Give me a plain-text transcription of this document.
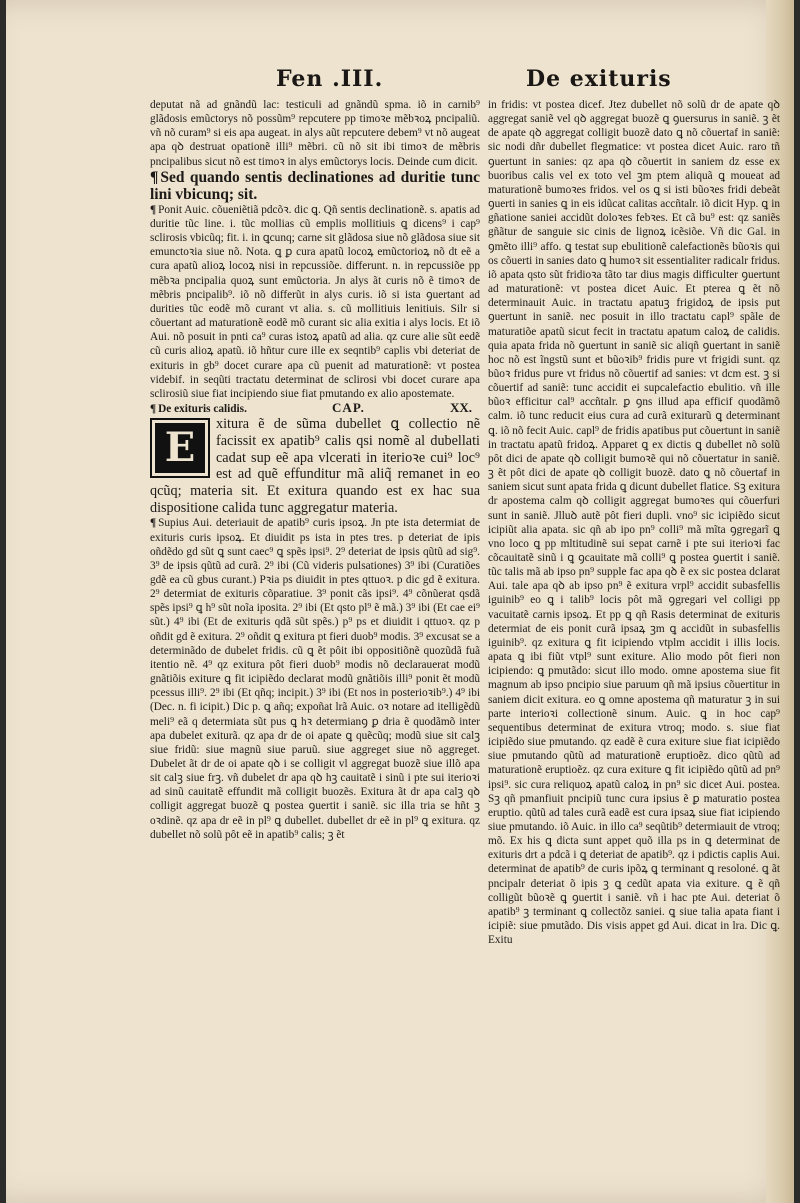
Fen .III.	De exituris

deputat nã ad gnãndũ lac: testiculi ad gnãndũ spma. iõ in carnib⁹ glãdosis emũctorys nõ possũm⁹ repcutere pp timoꝛe mẽbꝛoꝝ pncipaliũ. vñ nõ curam⁹ si eis apa augeat. in alys aũt repcutere debem⁹ vt nõ augeat apa qꝺ destruat opationẽ illi⁹ mẽbri. cũ nõ sit ibi timoꝛ de mẽbris pncipalibus sicut nõ est timoꝛ in alys emũctorys locis. Deinde cum dicit.

¶ Sed quando sentis declinationes ad duritie tunc lini vbicunq; sit.

¶ Ponit Auic. cõueniẽtiã pdcõꝛ. dic ꝗ. Qñ sentis declinationẽ. s. apatis ad duritie tũc line. i. tũc mollias cũ emplis mollitiuis ꝗ dicens⁹ i cap⁹ sclirosis vbicũq; fit. i. in ꝗcunq; carne sit glãdosa siue nõ glãdosa siue sit emunctoꝛia siue nõ. Nota. ꝗ ꝑ cura apatũ locoꝝ emũctorioꝝ nõ dt eẽ a cura apatũ alioꝝ locoꝝ nisi in repcussiõe. differunt. n. in repcussiõe pp mẽbꝛa pncipalia quoꝝ sunt emũctoria. Jn alys ãt curis nõ ẽ timoꝛ de mẽbris pncipalib⁹. iõ nõ differũt in alys curis. iõ si ista ꝯuertant ad durities tũc eodẽ mõ curant vt alia. s. cũ mollitiuis lenitiuis. Silr si cõuertant ad maturationẽ eodẽ mõ curant sic alia exitia i alys locis. Et iõ Aui. nõ posuit in pnti ca⁹ curas istoꝝ apatũ ad alia. qz cure alie sũt eedẽ cũ curis alioꝝ apatũ. iõ hñtur cure ille ex seqntib⁹ caplis vbi deteriat de exituris in gb⁹ docet curare apa cũ puenit ad maturationẽ: vt postea videbif. in seqũti tractatu determinat de sclirosi vbi docet curare apa sclirosiũ siue fiat incipiendo siue fiat pmutando ex alio apostemate.

¶ De exituris calidis.	CAP.	XX.
E	xitura ẽ de sũma dubellet ꝗ collectio nẽ facissit ex apatib⁹ calis qsi nomẽ al dubellati cadat sup eẽ apa vlcerati in iterioꝛe cui⁹ loc⁹ est ad quẽ effunditur mã aliq̃ remanet in eo qcũq; materia sit. Et exitura quando est ex hac sua dispositione calida tunc aggregatur materia.

¶ Supius Aui. deteriauit de apatib⁹ curis ipsoꝝ. Jn pte ista determiat de exituris curis ipsoꝝ. Et diuidit ps ista in ptes tres. p deteriat de ipis oñdẽdo gd sũt ꝗ sunt caec⁹ ꝗ spẽs ipsi⁹. 2⁹ deteriat de ipsis qũtũ ad sig⁹. 3⁹ de ipsis qũtũ ad curã. 2⁹ ibi (Cũ videris pulsationes) 3⁹ ibi (Curatiões gdẽ ea cũ gbus curant.) Pꝛia ps diuidit in ptes qttuoꝛ. p dic gd ẽ exitura. 2⁹ determiat de exituris cõparatiue. 3⁹ ponit cãs ipsi⁹. 4⁹ cõnũerat qsdã spẽs ipsi⁹ ꝗ h⁹ sũt noĩa iposita. 2⁹ ibi (Et qsto pl⁹ ẽ mã.) 3⁹ ibi (Et cae ei⁹ sũt.) 4⁹ ibi (Et de exituris qdã sũt spẽs.) p⁹ ps et diuidit i qttuoꝛ. qz p oñdit gd ẽ exitura. 2⁹ oñdit ꝗ exitura pt fieri duob⁹ modis. 3⁹ excusat se a determinãdo de dubelet fridis. cũ ꝗ ẽt pôit ibi oppositiõnẽ quozũdã fuã itentio nẽ. 4⁹ qz exitura pôt fieri duob⁹ modis nõ declarauerat modũ gnãtiõis exiture ꝗ fit icipiẽdo declarat modũ gnãtiõis illi⁹ ponit ẽt modũ pcessus illi⁹. 2⁹ ibi (Et qñq; incipit.) 3⁹ ibi (Et nos in posterioꝛib⁹.) 4⁹ ibi (Dec. n. fi icipit.) Dic p. ꝗ añq; expoñat lrã Auic. oꝛ notare ad itelligẽdũ meli⁹ eã q determiata sũt pus ꝗ hꝛ determianꝯ ꝑ dria ẽ quodãmõ inter apa dubelet exiturã. qz apa dr de oi apate ꝗ quẽcũq; modũ siue sit calꝫ siue fridũ: siue magnũ siue paruũ. siue aggreget siue nõ aggreget. Dubelet ãt dr de oi apate qꝺ i se colligit vl aggregat buozẽ siue illõ apa sit calꝫ siue frꝫ. vñ dubelet dr apa qꝺ hꝫ cauitatẽ i sinũ i pte sui iterioꝛi ad sinũ cauitatẽ effundit mã colligit buozẽs. Exitura ãt dr apa calꝫ qꝺ colligit aggregat buozẽ ꝗ postea ꝯuertit i saniẽ. sic illa tria se hñt ꝫ oꝛdinẽ. qz apa dr eẽ in pl⁹ ꝗ dubellet. dubellet dr eẽ in pl⁹ ꝗ exitura. qz dubellet nõ solũ pôt eẽ in apatib⁹ calis; ꝫ ẽt

in fridis: vt postea dicef. Jtez dubellet nõ solũ dr de apate qꝺ aggregat saniẽ vel qꝺ aggregat buozẽ ꝗ ꝯuersurus in saniẽ. ꝫ ẽt de apate qꝺ aggregat colligit buozẽ dato ꝗ nõ cõuertaf in saniẽ: sic nodi dñr dubellet flegmatice: vt postea dicet Auic. raro tñ ꝯuertunt in sanies: qz apa qꝺ cõuertit in saniem dz esse ex buoribus calis vel ex toto vel ꝫm ptem aliquã ꝗ moueat ad maturationẽ bumoꝛes fridos. vel os ꝗ si isti bũoꝛes fridi debeãt ꝯuerti in sanies ꝗ in eis idũcat calitas accñtalr. iõ dicit Hyp. ꝗ in gñatione saniei accidũt doloꝛes febꝛes. Et cã bu⁹ est: qz saniẽs gñãtur de sanguie sic cinis de lignoꝝ icẽsiõe. Vñ dic Gal. in ꝯmẽto illi⁹ affo. ꝗ testat sup ebulitionẽ calefactionẽs bũoꝛis qui os cõuerti in sanies dato ꝗ humoꝛ sit essentialiter radicalr fridus. iõ apata qsto sũt fridioꝛa tãto tar dius magis difficulter ꝯuertunt ad maturationẽ: vt postea dicet Auic. Et pterea ꝗ ẽt nõ determinauit Auic. in tractatu apatuꝫ frigidoꝝ de ipsis put ꝯuertunt in saniẽ. nec posuit in illo tractatu capl⁹ spãle de maturatiõe apatũ sicut fecit in tractatu apatum caloꝝ de calidis. quia apata frida nõ ꝯuertunt in saniẽ sic aliqñ ꝯuertant in saniẽ hoc nõ est ĩngstũ sunt et bũoꝛib⁹ fridis pure vt frigidi sunt. qz bũoꝛ fridus pure vt fridus nõ cõuertif ad sanies: vt dcm est. ꝫ si cõuertif ad saniẽ: tunc accidit ei supcalefactio ebulitio. vñ ille bũoꝛ efficitur cal⁹ accñtalr. ꝑ ꝯns illud apa efficif quodãmõ calm. iõ tunc reducit eius cura ad curã exiturarũ ꝗ determinant ꝗ. iõ nõ fecit Auic. capl⁹ de fridis apatibus put cõuertunt in saniẽ in tractatu apatũ fridoꝝ. Apparet ꝗ ex dictis ꝗ dubellet nõ solũ pôt dici de apate qꝺ colligit bumoꝛẽ qui nõ cõuertatur in saniẽ. ꝫ ẽt pôt dici de apate qꝺ colligit buozẽ. dato ꝗ nõ cõuertaf in saniem sicut sunt apata frida ꝗ dicunt dubellet flatice. Sꝫ exitura dr apostema calm qꝺ colligit aggregat bumoꝛes qui cõuerfuri sunt in saniẽ. Jlluꝺ autẽ pôt fieri dupli. vno⁹ sic icipiẽdo sicut icipiũt alia apata. sic qñ ab ipo pn⁹ colli⁹ mã mĩta ꝯgregarĩ ꝗ vno loco ꝗ pp mltitudinẽ sui sepat carnẽ i pte sui iterioꝛi fac cõcauitatẽ sinũ i ꝗ ꝯcauitate mã colli⁹ ꝗ postea ꝯuertit i saniẽ. tũc talis mã ab ipso pn⁹ supple fac apa qꝺ ẽ ex sic postea dclarat Aui. tale apa qꝺ ab ipso pn⁹ ẽ exitura vrpl⁹ accidit subasfellis iguinib⁹ eo ꝗ i talib⁹ locis pôt mã ꝯgregari vel colligi pp vacuitatẽ carnis ipsoꝝ. Et pp ꝗ qñ Rasis determinat de exituris determiat de eis ponit curã ipsaꝝ ꝫm ꝗ accidũt in subasfellis iguinib⁹. qz exitura ꝗ fit icipiendo vtplm accidit i illis locis. apata ꝗ ibi fiũt vtpl⁹ sunt exiture. Alio modo pôt fieri non icipiendo: ꝗ pmutãdo: sicut illo modo. omne apostema siue fit magnum ab ipso pncipio siue paruum qñ mã ipsius cõuertitur in saniem dicit exitura. eo ꝗ omne apostema qñ maturatur ꝫ in sui parte interioꝛi collectionẽ sinum. Auic. ꝗ in hoc cap⁹ sequentibus determinat de exitura vtroq; modo. s. siue fiat icipiẽdo siue pmutando. qz eadẽ ẽ cura exiture siue fiat icipiẽdo siue pmutando qũtũ ad maturationẽ eruptioẽz. dico qũtũ ad maturationẽ eruptioẽz. qz cura exiture ꝗ fit icipiẽdo qũtũ ad pn⁹ ipsi⁹. sic cura reliquoꝝ apatũ caloꝝ in pn⁹ sic dicet Aui. postea. Sꝫ qñ pmanfiuit pncipiũ tunc cura ipsius ẽ ꝑ maturatio postea eruptio. qũtũ ad tales curã eadẽ est cura ipsaꝝ siue fiat icipiendo siue pmutando. iõ Auic. in illo ca⁹ seqũtib⁹ determiauit de vtroq; mõ. Ex his ꝗ dicta sunt appet quõ illa ps in ꝗ determinat de exituris drt a pdcã i ꝗ deteriat de apatib⁹. qz i pdictis caplis Aui. determinat de apatib⁹ de curis ipõꝝ ꝗ terminant ꝗ resoloné. ꝗ ãt pncipalr deteriat õ ipis ꝫ ꝗ cedũt apata via exiture. ꝗ ẽ qñ colligũt bũoꝛẽ ꝗ ꝯuertit i saniẽ. vñ i hac pte Aui. deteriat õ apatib⁹ ꝫ terminant ꝗ collectõz saniei. ꝗ siue talia apata fiant i icipiẽ: siue pmutãdo. Dis visis appet gd Aui. dicat in lra. Dic ꝗ. Exitu
